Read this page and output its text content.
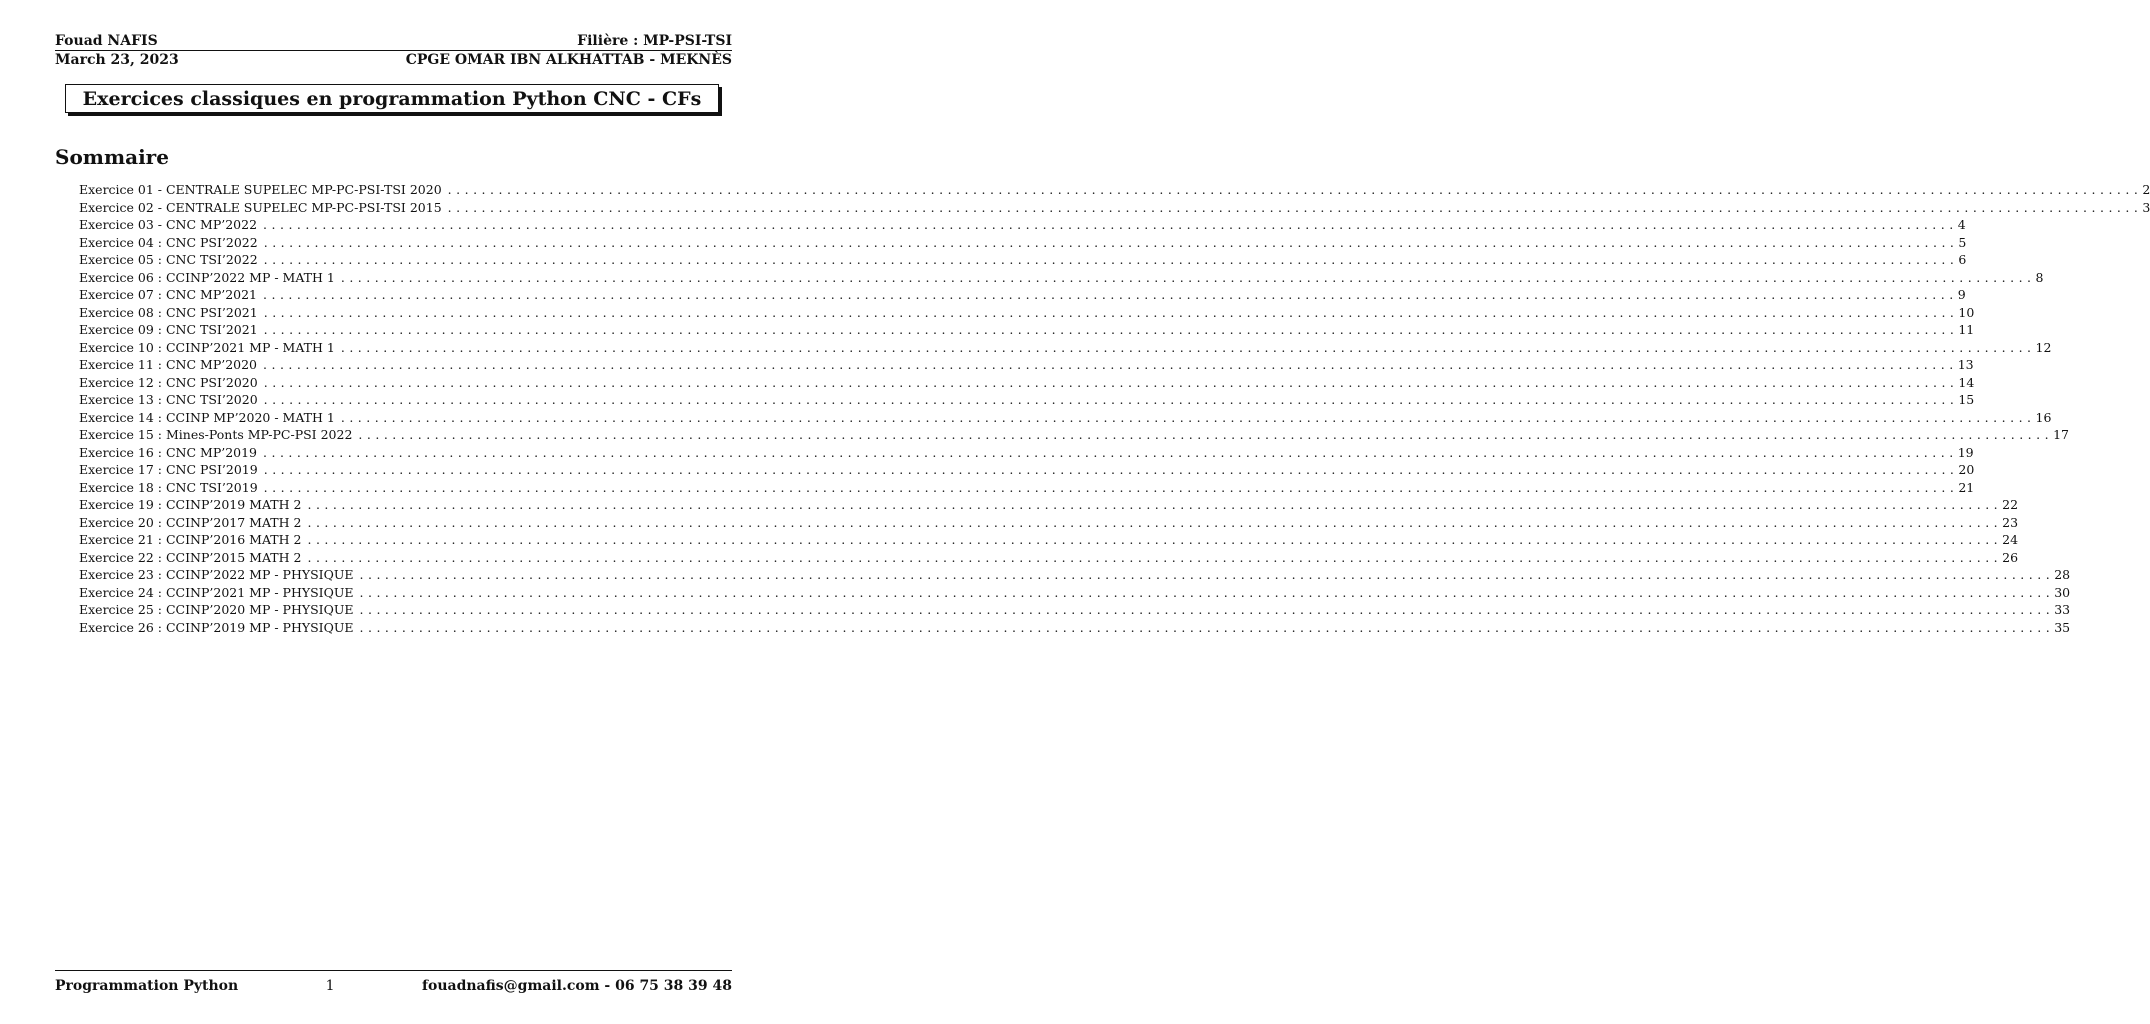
Fouad NAFIS	Filière : MP-PSI-TSI
March 23, 2023	CPGE OMAR IBN ALKHATTAB - MEKNÈS
Exercices classiques en programmation Python CNC - CFs
Sommaire
Exercice 01 - CENTRALE SUPELEC MP-PC-PSI-TSI 2020 ........................................................................................................................................................................................................ 2
Exercice 02 - CENTRALE SUPELEC MP-PC-PSI-TSI 2015 ........................................................................................................................................................................................................ 3
Exercice 03 - CNC MP’2022 ........................................................................................................................................................................................................ 4
Exercice 04 : CNC PSI’2022 ........................................................................................................................................................................................................ 5
Exercice 05 : CNC TSI’2022 ........................................................................................................................................................................................................ 6
Exercice 06 : CCINP’2022 MP - MATH 1 ........................................................................................................................................................................................................ 8
Exercice 07 : CNC MP’2021 ........................................................................................................................................................................................................ 9
Exercice 08 : CNC PSI’2021 ........................................................................................................................................................................................................ 10
Exercice 09 : CNC TSI’2021 ........................................................................................................................................................................................................ 11
Exercice 10 : CCINP’2021 MP - MATH 1 ........................................................................................................................................................................................................ 12
Exercice 11 : CNC MP’2020 ........................................................................................................................................................................................................ 13
Exercice 12 : CNC PSI’2020 ........................................................................................................................................................................................................ 14
Exercice 13 : CNC TSI’2020 ........................................................................................................................................................................................................ 15
Exercice 14 : CCINP MP’2020 - MATH 1 ........................................................................................................................................................................................................ 16
Exercice 15 : Mines-Ponts MP-PC-PSI 2022 ........................................................................................................................................................................................................ 17
Exercice 16 : CNC MP’2019 ........................................................................................................................................................................................................ 19
Exercice 17 : CNC PSI’2019 ........................................................................................................................................................................................................ 20
Exercice 18 : CNC TSI’2019 ........................................................................................................................................................................................................ 21
Exercice 19 : CCINP’2019 MATH 2 ........................................................................................................................................................................................................ 22
Exercice 20 : CCINP’2017 MATH 2 ........................................................................................................................................................................................................ 23
Exercice 21 : CCINP’2016 MATH 2 ........................................................................................................................................................................................................ 24
Exercice 22 : CCINP’2015 MATH 2 ........................................................................................................................................................................................................ 26
Exercice 23 : CCINP’2022 MP - PHYSIQUE ........................................................................................................................................................................................................ 28
Exercice 24 : CCINP’2021 MP - PHYSIQUE ........................................................................................................................................................................................................ 30
Exercice 25 : CCINP’2020 MP - PHYSIQUE ........................................................................................................................................................................................................ 33
Exercice 26 : CCINP’2019 MP - PHYSIQUE ........................................................................................................................................................................................................ 35
Programmation Python	1	fouadnafis@gmail.com - 06 75 38 39 48
